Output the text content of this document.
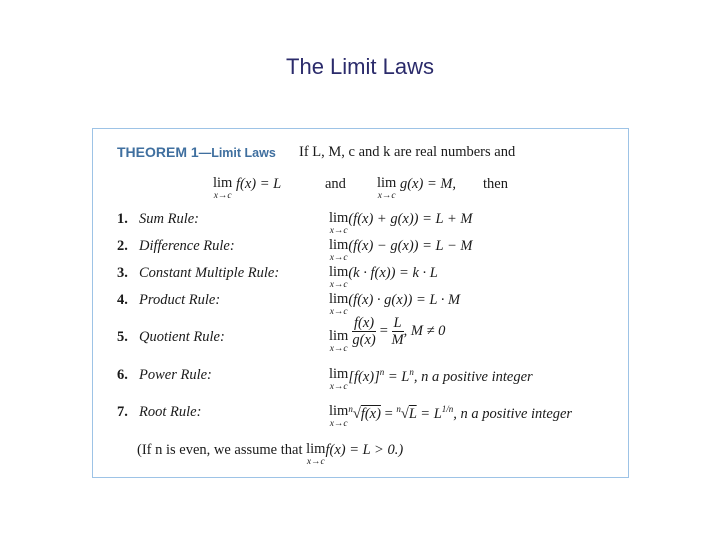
The Limit Laws
THEOREM 1—Limit Laws If L, M, c and k are real numbers and
lim
x→c
f(x) = L	and lim
x→c
g(x) = M, then
1. Sum Rule:	lim
x→c
(f(x) + g(x)) = L + M
2. Difference Rule:	lim
x→c
(f(x) − g(x)) = L − M
3. Constant Multiple Rule:	lim
x→c
(k · f(x)) = k · L
4. Product Rule:	lim
x→c
(f(x) · g(x)) = L · M
5. Quotient Rule:	lim
x→c

$\frac{f(x)}{g(x)} = \frac{L}{M}$ , M ≠ 0
6. Power Rule:	lim
x→c
$[f(x)]^n = L^n$, n a positive integer
7. Root Rule:	lim
x→c
$^n√f(x) = ^n√L = L^{1/n}$, n a positive integer
(If n is even, we assume that lim
x→c
f(x) = L > 0.)
